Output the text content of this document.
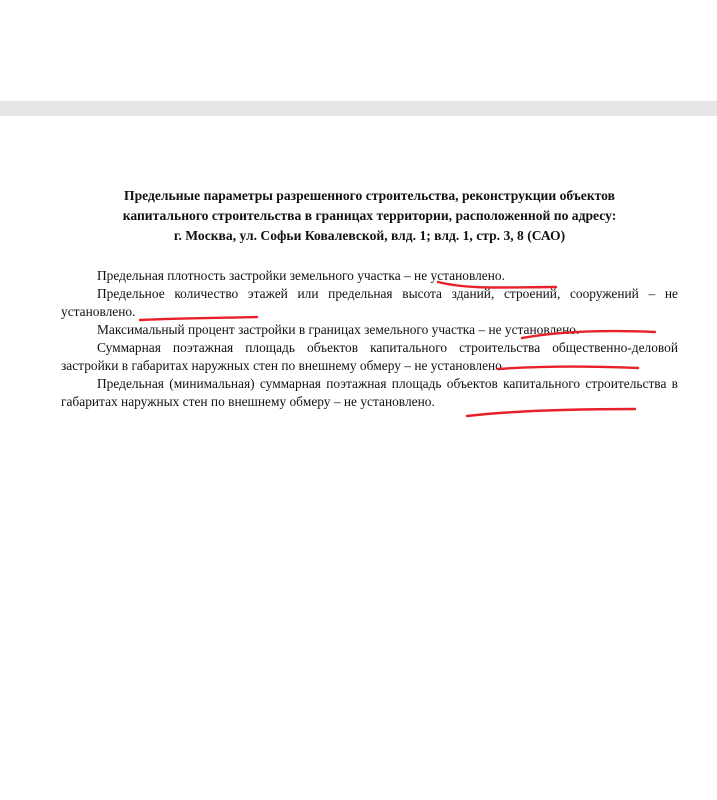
Предельные параметры разрешенного строительства, реконструкции объектов
капитального строительства в границах территории, расположенной по адресу:
г. Москва, ул. Софьи Ковалевской, влд. 1; влд. 1, стр. 3, 8 (САО)

Предельная плотность застройки земельного участка – не установлено.

Предельное количество этажей или предельная высота зданий, строений, сооружений – не установлено.

Максимальный процент застройки в границах земельного участка – не установлено.

Суммарная поэтажная площадь объектов капитального строительства общественно-деловой застройки в габаритах наружных стен по внешнему обмеру – не установлено.

Предельная (минимальная) суммарная поэтажная площадь объектов капитального строительства в габаритах наружных стен по внешнему обмеру – не установлено.
